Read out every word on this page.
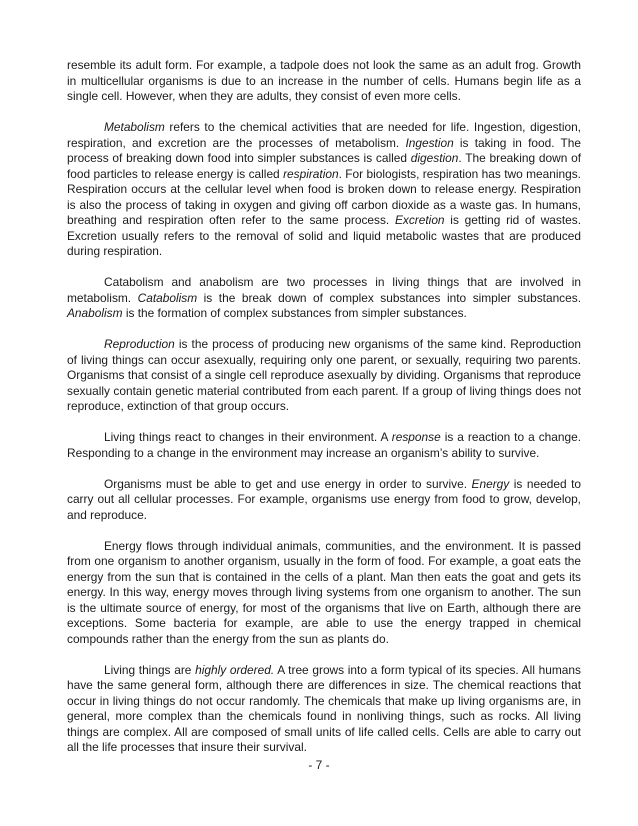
resemble its adult form. For example, a tadpole does not look the same as an adult frog. Growth in multicellular organisms is due to an increase in the number of cells. Humans begin life as a single cell. However, when they are adults, they consist of even more cells.

Metabolism refers to the chemical activities that are needed for life. Ingestion, digestion, respiration, and excretion are the processes of metabolism. Ingestion is taking in food. The process of breaking down food into simpler substances is called digestion. The breaking down of food particles to release energy is called respiration. For biologists, respiration has two meanings. Respiration occurs at the cellular level when food is broken down to release energy. Respiration is also the process of taking in oxygen and giving off carbon dioxide as a waste gas. In humans, breathing and respiration often refer to the same process. Excretion is getting rid of wastes. Excretion usually refers to the removal of solid and liquid metabolic wastes that are produced during respiration.

Catabolism and anabolism are two processes in living things that are involved in metabolism. Catabolism is the break down of complex substances into simpler substances. Anabolism is the formation of complex substances from simpler substances.

Reproduction is the process of producing new organisms of the same kind. Reproduction of living things can occur asexually, requiring only one parent, or sexually, requiring two parents. Organisms that consist of a single cell reproduce asexually by dividing. Organisms that reproduce sexually contain genetic material contributed from each parent. If a group of living things does not reproduce, extinction of that group occurs.

Living things react to changes in their environment. A response is a reaction to a change. Responding to a change in the environment may increase an organism’s ability to survive.

Organisms must be able to get and use energy in order to survive. Energy is needed to carry out all cellular processes. For example, organisms use energy from food to grow, develop, and reproduce.

Energy flows through individual animals, communities, and the environment. It is passed from one organism to another organism, usually in the form of food. For example, a goat eats the energy from the sun that is contained in the cells of a plant. Man then eats the goat and gets its energy. In this way, energy moves through living systems from one organism to another. The sun is the ultimate source of energy, for most of the organisms that live on Earth, although there are exceptions. Some bacteria for example, are able to use the energy trapped in chemical compounds rather than the energy from the sun as plants do.

Living things are highly ordered. A tree grows into a form typical of its species. All humans have the same general form, although there are differences in size. The chemical reactions that occur in living things do not occur randomly. The chemicals that make up living organisms are, in general, more complex than the chemicals found in nonliving things, such as rocks. All living things are complex. All are composed of small units of life called cells. Cells are able to carry out all the life processes that insure their survival.

- 7 -
